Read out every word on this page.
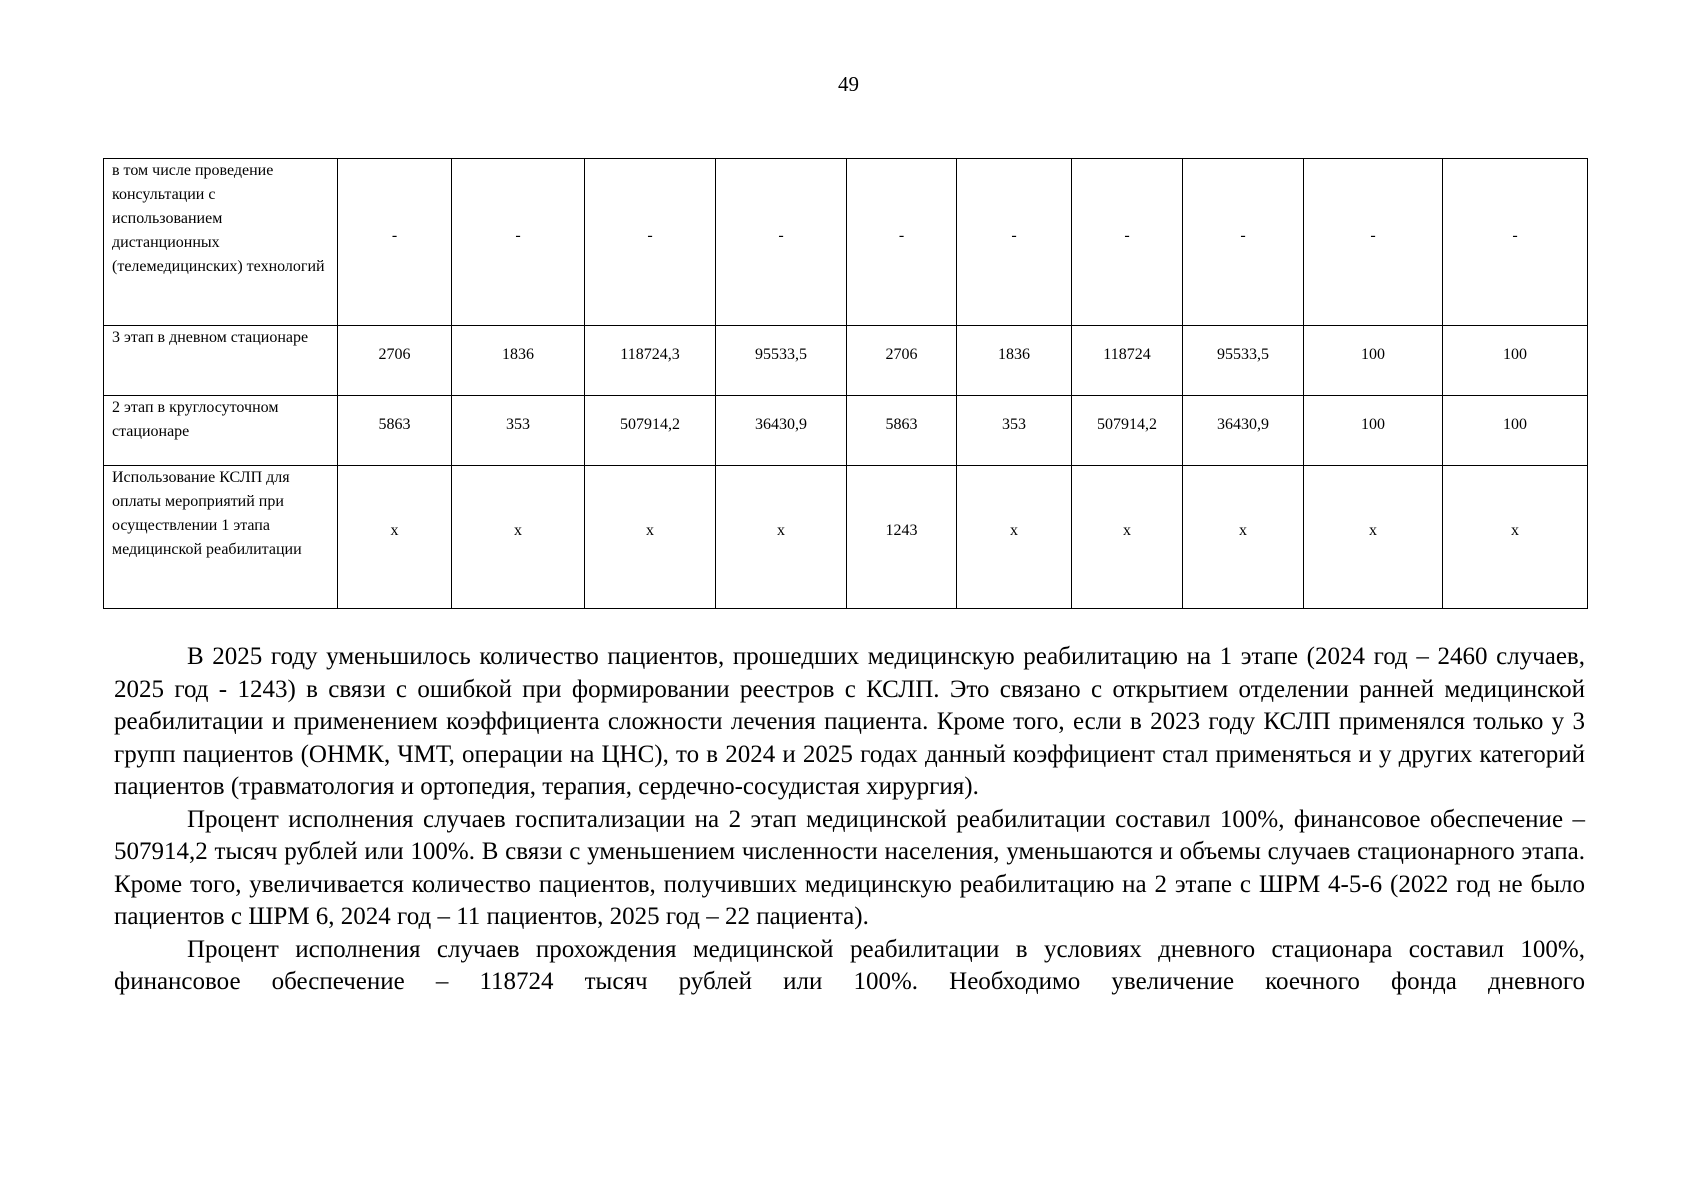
49
в том числе проведение консультации с использованием дистанционных (телемедицинских) технологий	-	-	-	-	-	-	-	-	-	-
3 этап в дневном стационаре	2706	1836	118724,3	95533,5	2706	1836	118724	95533,5	100	100
2 этап в круглосуточном стационаре	5863	353	507914,2	36430,9	5863	353	507914,2	36430,9	100	100
Использование КСЛП для оплаты мероприятий при осуществлении 1 этапа медицинской реабилитации	х	х	х	х	1243	х	х	х	х	х

В 2025 году уменьшилось количество пациентов, прошедших медицинскую реабилитацию на 1 этапе (2024 год – 2460 случаев, 2025 год - 1243) в связи с ошибкой при формировании реестров с КСЛП. Это связано с открытием отделении ранней медицинской реабилитации и применением коэффициента сложности лечения пациента. Кроме того, если в 2023 году КСЛП применялся только у 3 групп пациентов (ОНМК, ЧМТ, операции на ЦНС), то в 2024 и 2025 годах данный коэффициент стал применяться и у других категорий пациентов (травматология и ортопедия, терапия, сердечно-сосудистая хирургия).

Процент исполнения случаев госпитализации на 2 этап медицинской реабилитации составил 100%, финансовое обеспечение – 507914,2 тысяч рублей или 100%. В связи с уменьшением численности населения, уменьшаются и объемы случаев стационарного этапа. Кроме того, увеличивается количество пациентов, получивших медицинскую реабилитацию на 2 этапе с ШРМ 4-5-6 (2022 год не было пациентов с ШРМ 6, 2024 год – 11 пациентов, 2025 год – 22 пациента).

Процент исполнения случаев прохождения медицинской реабилитации в условиях дневного стационара составил 100%, финансовое обеспечение – 118724 тысяч рублей или 100%. Необходимо увеличение коечного фонда дневного
